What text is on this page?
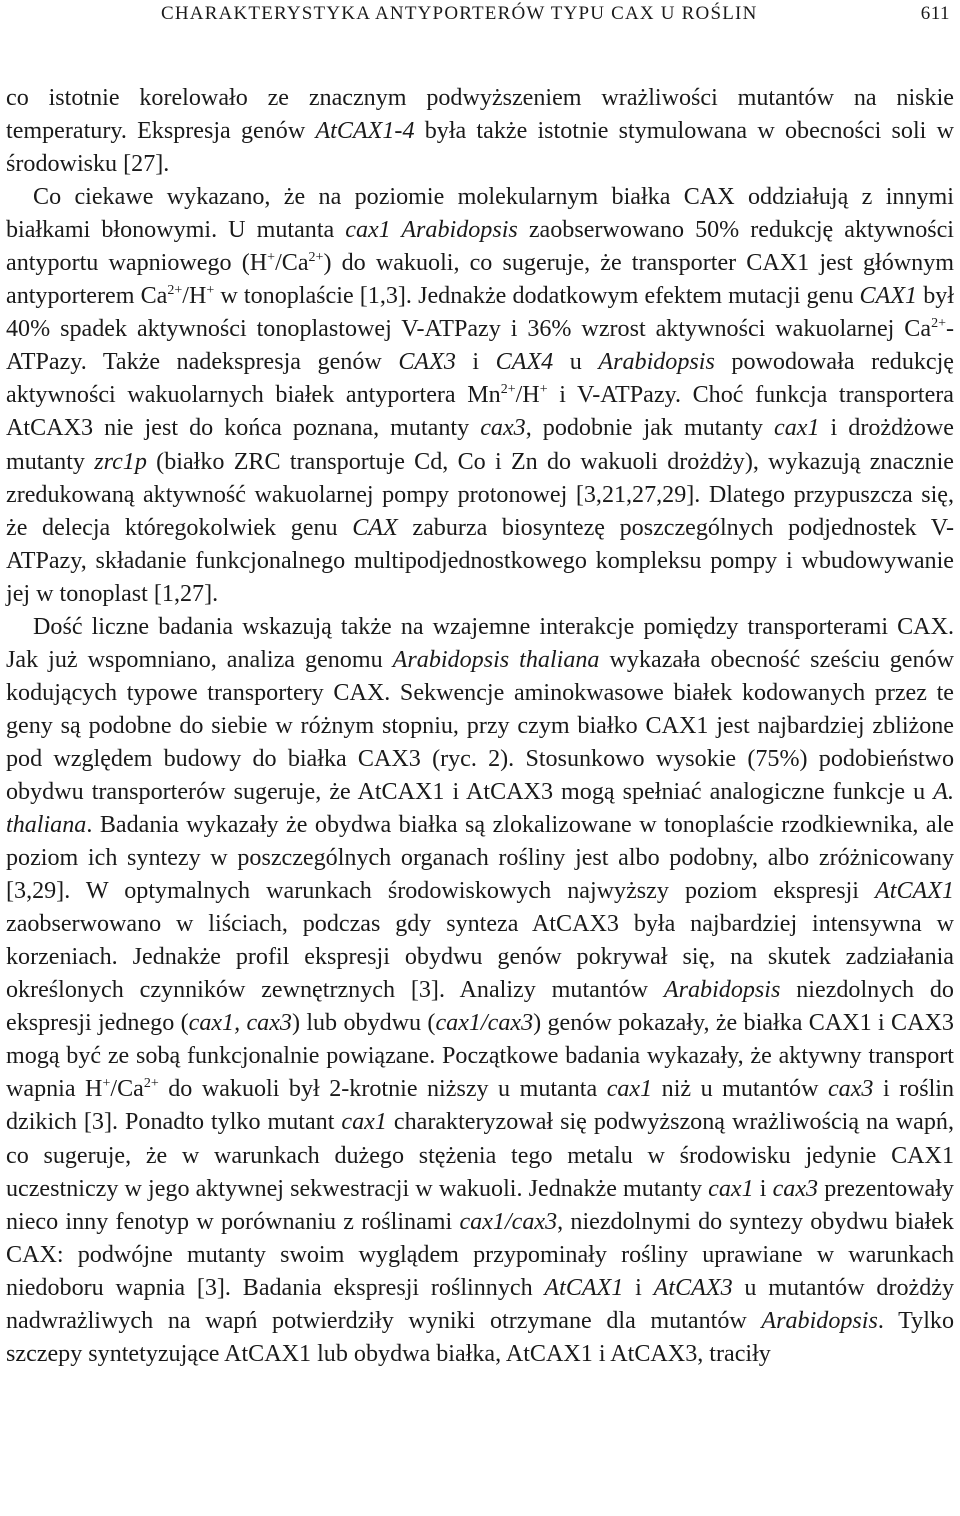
CHARAKTERYSTYKA ANTYPORTERÓW TYPU CAX U ROŚLIN	611

co istotnie korelowało ze znacznym podwyższeniem wrażliwości mutantów na niskie temperatury. Ekspresja genów AtCAX1-4 była także istotnie stymulowana w obecności soli w środowisku [27].

Co ciekawe wykazano, że na poziomie molekularnym białka CAX oddziałują z innymi białkami błonowymi. U mutanta cax1 Arabidopsis zaobserwowano 50% redukcję aktywności antyportu wapniowego $(H^+/Ca^{2+})$ do wakuoli, co sugeruje, że transporter CAX1 jest głównym antyporterem $Ca^{2+}/H^+$ w tonoplaście [1,3]. Jednakże dodatkowym efektem mutacji genu CAX1 był 40% spadek aktywności tonoplastowej V-ATPazy i 36% wzrost aktywności wakuolarnej $Ca^{2+}$-ATPazy. Także nadekspresja genów CAX3 i CAX4 u Arabidopsis powodowała redukcję aktywności wakuolarnych białek antyportera $Mn^{2+}/H^+$ i V-ATPazy. Choć funkcja transportera AtCAX3 nie jest do końca poznana, mutanty cax3, podobnie jak mutanty cax1 i drożdżowe mutanty zrc1p (białko ZRC transportuje Cd, Co i Zn do wakuoli drożdży), wykazują znacznie zredukowaną aktywność wakuolarnej pompy protonowej [3,21,27,29]. Dlatego przypuszcza się, że delecja któregokolwiek genu CAX zaburza biosyntezę poszczególnych podjednostek V-ATPazy, składanie funkcjonalnego multipodjednostkowego kompleksu pompy i wbudowywanie jej w tonoplast [1,27].

Dość liczne badania wskazują także na wzajemne interakcje pomiędzy transporterami CAX. Jak już wspomniano, analiza genomu Arabidopsis thaliana wykazała obecność sześciu genów kodujących typowe transportery CAX. Sekwencje aminokwasowe białek kodowanych przez te geny są podobne do siebie w różnym stopniu, przy czym białko CAX1 jest najbardziej zbliżone pod względem budowy do białka CAX3 (ryc. 2). Stosunkowo wysokie (75%) podobieństwo obydwu transporterów sugeruje, że AtCAX1 i AtCAX3 mogą spełniać analogiczne funkcje u A. thaliana. Badania wykazały że obydwa białka są zlokalizowane w tonoplaście rzodkiewnika, ale poziom ich syntezy w poszczególnych organach rośliny jest albo podobny, albo zróżnicowany [3,29]. W optymalnych warunkach środowiskowych najwyższy poziom ekspresji AtCAX1 zaobserwowano w liściach, podczas gdy synteza AtCAX3 była najbardziej intensywna w korzeniach. Jednakże profil ekspresji obydwu genów pokrywał się, na skutek zadziałania określonych czynników zewnętrznych [3]. Analizy mutantów Arabidopsis niezdolnych do ekspresji jednego (cax1, cax3) lub obydwu (cax1/cax3) genów pokazały, że białka CAX1 i CAX3 mogą być ze sobą funkcjonalnie powiązane. Początkowe badania wykazały, że aktywny transport wapnia $H^+/Ca^{2+}$ do wakuoli był 2-krotnie niższy u mutanta cax1 niż u mutantów cax3 i roślin dzikich [3]. Ponadto tylko mutant cax1 charakteryzował się podwyższoną wrażliwością na wapń, co sugeruje, że w warunkach dużego stężenia tego metalu w środowisku jedynie CAX1 uczestniczy w jego aktywnej sekwestracji w wakuoli. Jednakże mutanty cax1 i cax3 prezentowały nieco inny fenotyp w porównaniu z roślinami cax1/cax3, niezdolnymi do syntezy obydwu białek CAX: podwójne mutanty swoim wyglądem przypominały rośliny uprawiane w warunkach niedoboru wapnia [3]. Badania ekspresji roślinnych AtCAX1 i AtCAX3 u mutantów drożdży nadwrażliwych na wapń potwierdziły wyniki otrzymane dla mutantów Arabidopsis. Tylko szczepy syntetyzujące AtCAX1 lub obydwa białka, AtCAX1 i AtCAX3, traciły
